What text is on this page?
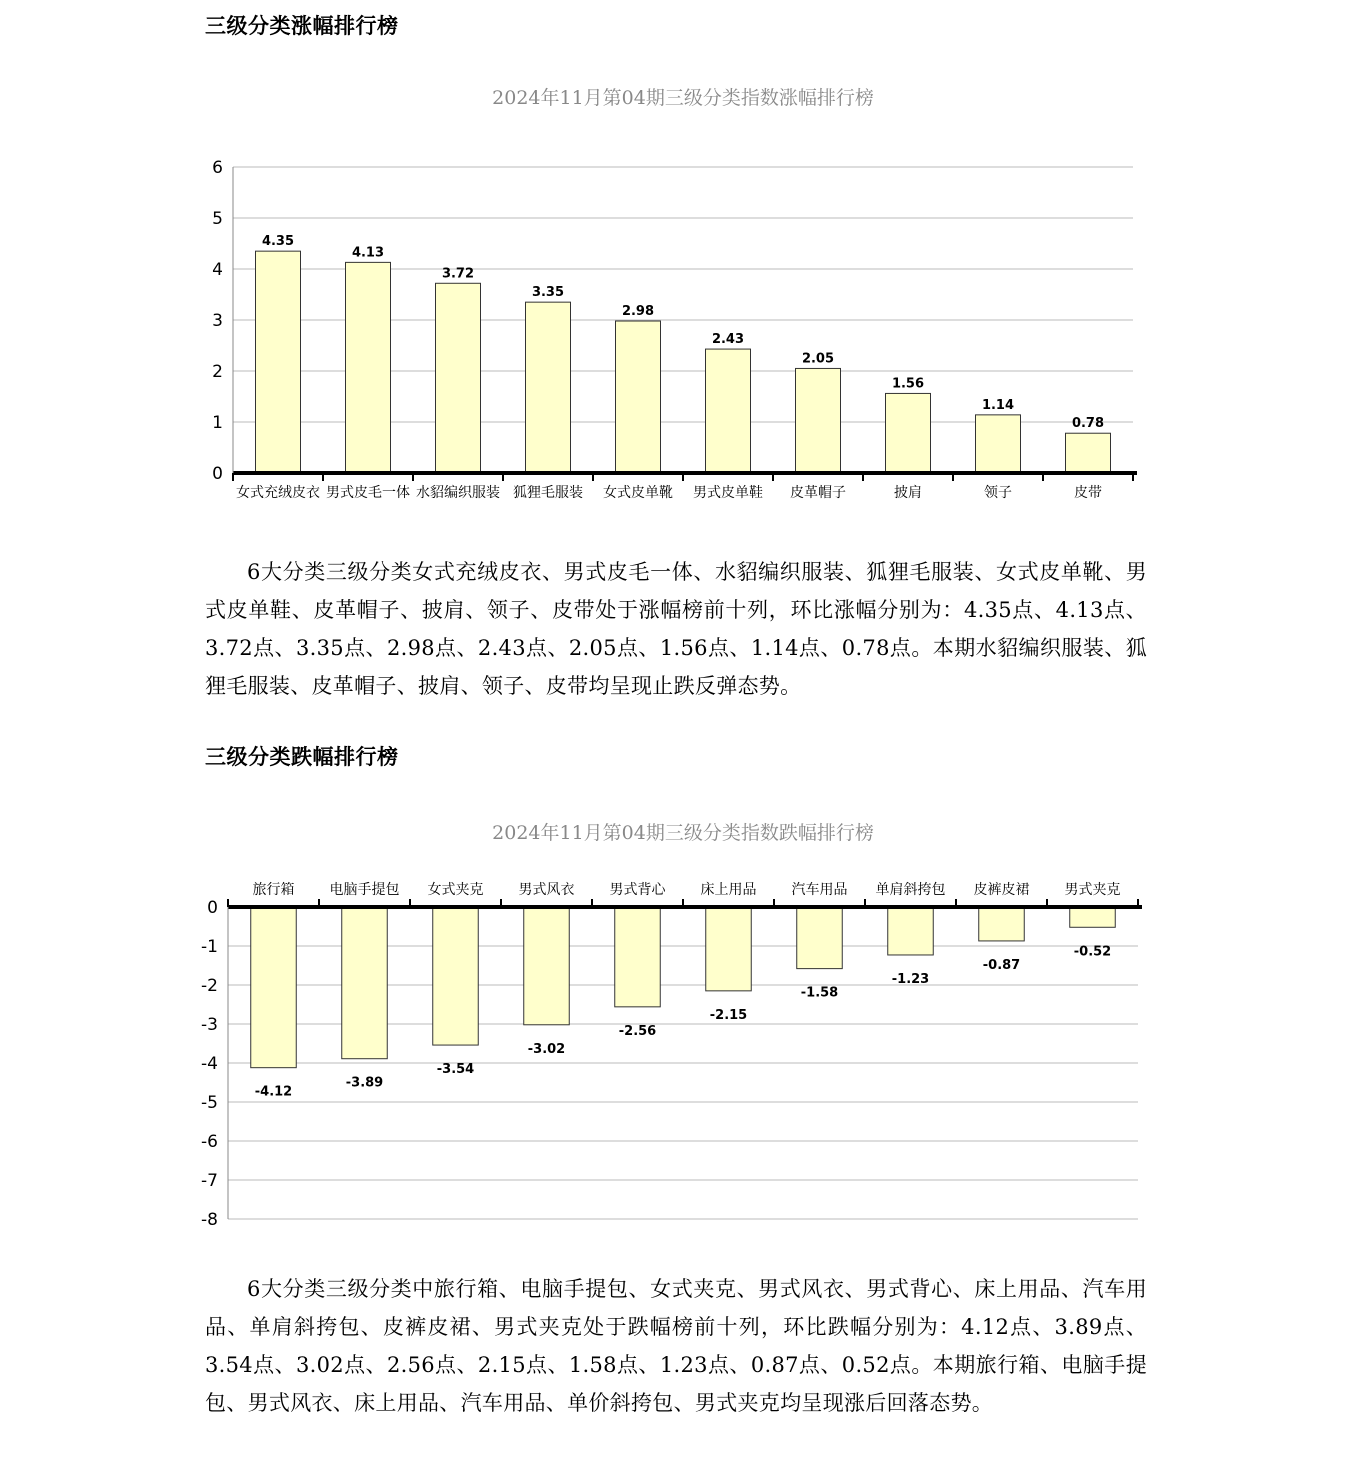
三级分类涨幅排行榜
2024年11月第04期三级分类指数涨幅排行榜
0
1
2
3
4
5
6
4.35
4.13
3.72
3.35
2.98
2.43
2.05
1.56
1.14
0.78
女式充绒皮衣 男式皮毛一体 水貂编织服装 狐狸毛服装 女式皮单靴 男式皮单鞋 皮革帽子	披肩	领子	皮带

6大分类三级分类女式充绒皮衣、男式皮毛一体、水貂编织服装、狐狸毛服装、女式皮单靴、男式皮单鞋、皮革帽子、披肩、领子、皮带处于涨幅榜前十列，环比涨幅分别为：4.35点、4.13点、3.72点、3.35点、2.98点、2.43点、2.05点、1.56点、1.14点、0.78点。本期水貂编织服装、狐狸毛服装、皮革帽子、披肩、领子、皮带均呈现止跌反弹态势。

三级分类跌幅排行榜
2024年11月第04期三级分类指数跌幅排行榜
0
-1
-2
-3
-4
-5
-6
-7
-8
-4.12
-3.89
-3.54
-3.02
-2.56
-2.15
-1.58
-1.23
-0.87
-0.52
旅行箱	电脑手提包 女式夹克	男式风衣	男式背心	床上用品	汽车用品 单肩斜挎包 皮裤皮裙	男式夹克

6大分类三级分类中旅行箱、电脑手提包、女式夹克、男式风衣、男式背心、床上用品、汽车用品、单肩斜挎包、皮裤皮裙、男式夹克处于跌幅榜前十列，环比跌幅分别为：4.12点、3.89点、3.54点、3.02点、2.56点、2.15点、1.58点、1.23点、0.87点、0.52点。本期旅行箱、电脑手提包、男式风衣、床上用品、汽车用品、单价斜挎包、男式夹克均呈现涨后回落态势。
